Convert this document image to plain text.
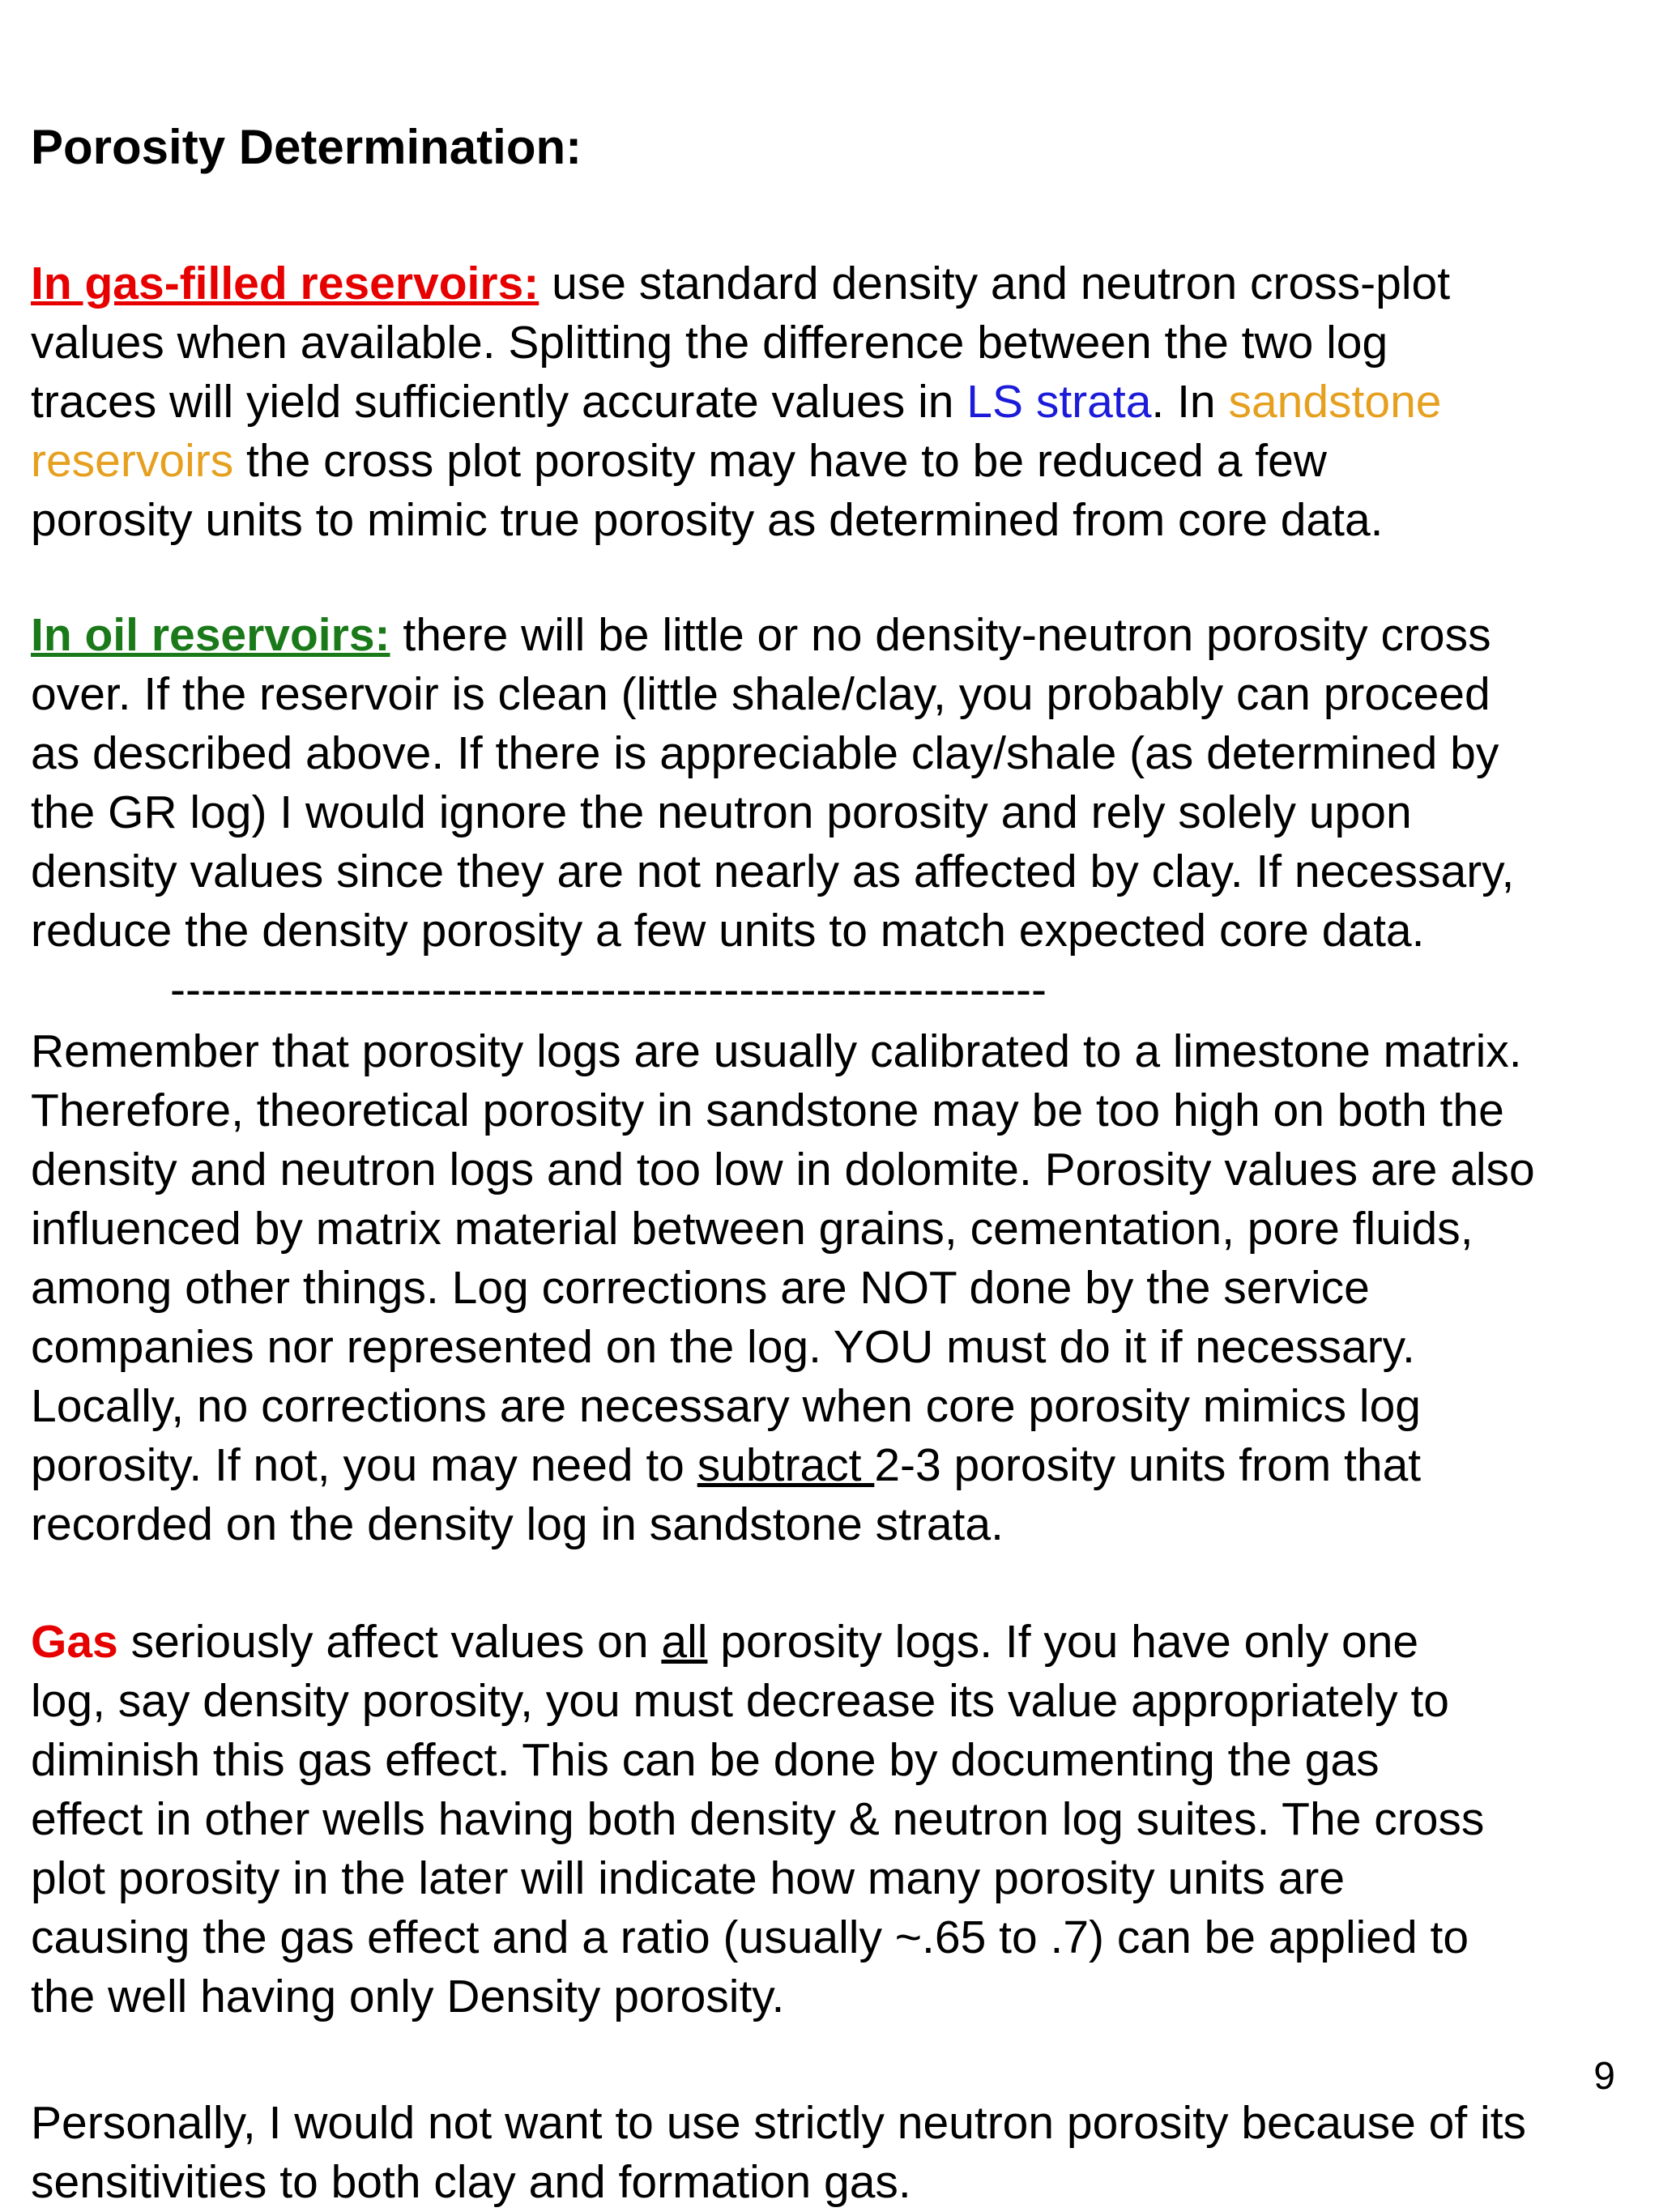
Porosity Determination:

In gas-filled reservoirs: use standard density and neutron cross-plot
values when available. Splitting the difference between the two log
traces will yield sufficiently accurate values in LS strata. In sandstone
reservoirs the cross plot porosity may have to be reduced a few
porosity units to mimic true porosity as determined from core data.

In oil reservoirs: there will be little or no density-neutron porosity cross
over. If the reservoir is clean (little shale/clay, you probably can proceed
as described above. If there is appreciable clay/shale (as determined by
the GR log) I would ignore the neutron porosity and rely solely upon
density values since they are not nearly as affected by clay. If necessary,
reduce the density porosity a few units to match expected core data.

---------------------------------------------------------

Remember that porosity logs are usually calibrated to a limestone matrix.
Therefore, theoretical porosity in sandstone may be too high on both the
density and neutron logs and too low in dolomite. Porosity values are also
influenced by matrix material between grains, cementation, pore fluids,
among other things. Log corrections are NOT done by the service
companies nor represented on the log. YOU must do it if necessary.
Locally, no corrections are necessary when core porosity mimics log
porosity. If not, you may need to subtract 2-3 porosity units from that
recorded on the density log in sandstone strata.

Gas seriously affect values on all porosity logs. If you have only one
log, say density porosity, you must decrease its value appropriately to
diminish this gas effect. This can be done by documenting the gas
effect in other wells having both density & neutron log suites. The cross
plot porosity in the later will indicate how many porosity units are
causing the gas effect and a ratio (usually ~.65 to .7) can be applied to
the well having only Density porosity.

9

Personally, I would not want to use strictly neutron porosity because of its
sensitivities to both clay and formation gas.
